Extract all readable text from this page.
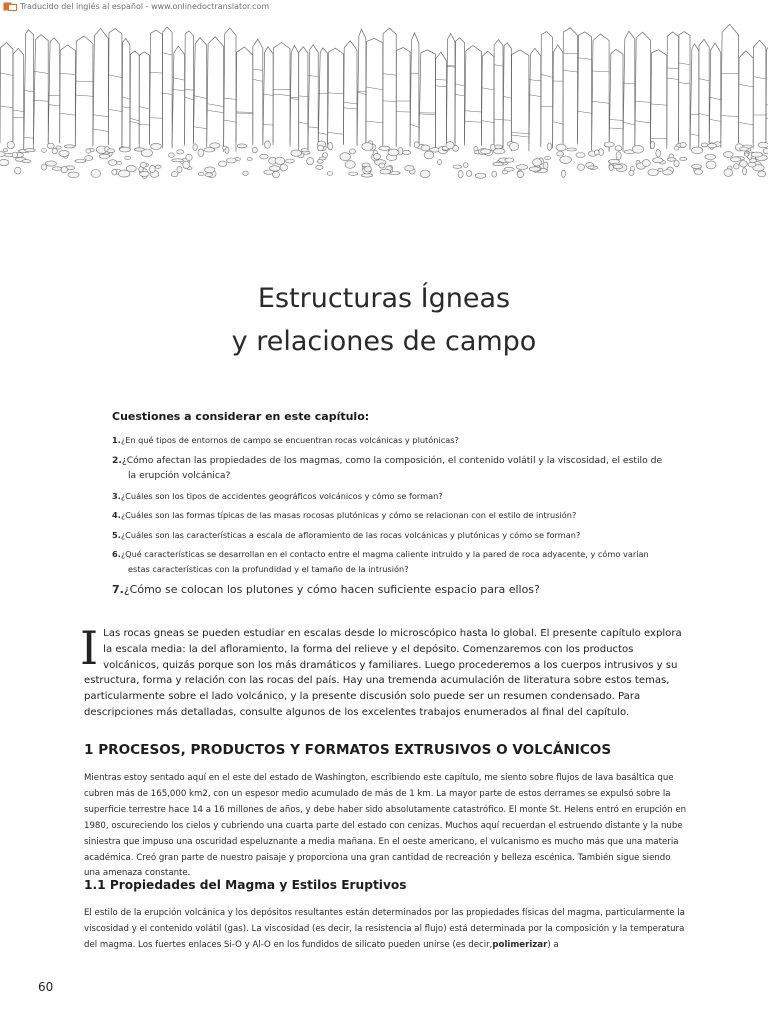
Traducido del inglés al español - www.onlinedoctranslator.com
Estructuras Ígneas
y relaciones de campo
Cuestiones a considerar en este capítulo:
1.¿En qué tipos de entornos de campo se encuentran rocas volcánicas y plutónicas?
2.¿Cómo afectan las propiedades de los magmas, como la composición, el contenido volátil y la viscosidad, el estilo de la erupción volcánica?
3.¿Cuáles son los tipos de accidentes geográficos volcánicos y cómo se forman?
4.¿Cuáles son las formas típicas de las masas rocosas plutónicas y cómo se relacionan con el estilo de intrusión?
5.¿Cuáles son las características a escala de afloramiento de las rocas volcánicas y plutónicas y cómo se forman?
6.¿Qué características se desarrollan en el contacto entre el magma caliente intruido y la pared de roca adyacente, y cómo varían estas características con la profundidad y el tamaño de la intrusión?
7.¿Cómo se colocan los plutones y cómo hacen suficiente espacio para ellos?
I Las rocas gneas se pueden estudiar en escalas desde lo microscópico hasta lo global. El presente capítulo explora la escala media: la del afloramiento, la forma del relieve y el depósito. Comenzaremos con los productos volcánicos, quizás porque son los más dramáticos y familiares. Luego procederemos a los cuerpos intrusivos y su estructura, forma y relación con las rocas del país. Hay una tremenda acumulación de literatura sobre estos temas, particularmente sobre el lado volcánico, y la presente discusión solo puede ser un resumen condensado. Para descripciones más detalladas, consulte algunos de los excelentes trabajos enumerados al final del capítulo.
1 PROCESOS, PRODUCTOS Y FORMATOS EXTRUSIVOS O VOLCÁNICOS
Mientras estoy sentado aquí en el este del estado de Washington, escribiendo este capítulo, me siento sobre flujos de lava basáltica que cubren más de 165,000 km2, con un espesor medio acumulado de más de 1 km. La mayor parte de estos derrames se expulsó sobre la superficie terrestre hace 14 a 16 millones de años, y debe haber sido absolutamente catastrófico. El monte St. Helens entró en erupción en 1980, oscureciendo los cielos y cubriendo una cuarta parte del estado con cenizas. Muchos aquí recuerdan el estruendo distante y la nube siniestra que impuso una oscuridad espeluznante a media mañana. En el oeste americano, el vulcanismo es mucho más que una materia académica. Creó gran parte de nuestro paisaje y proporciona una gran cantidad de recreación y belleza escénica. También sigue siendo una amenaza constante.
1.1 Propiedades del Magma y Estilos Eruptivos
El estilo de la erupción volcánica y los depósitos resultantes están determinados por las propiedades físicas del magma, particularmente la viscosidad y el contenido volátil (gas). La viscosidad (es decir, la resistencia al flujo) está determinada por la composición y la temperatura del magma. Los fuertes enlaces Si-O y Al-O en los fundidos de silicato pueden unirse (es decir,polimerizar) a
60
